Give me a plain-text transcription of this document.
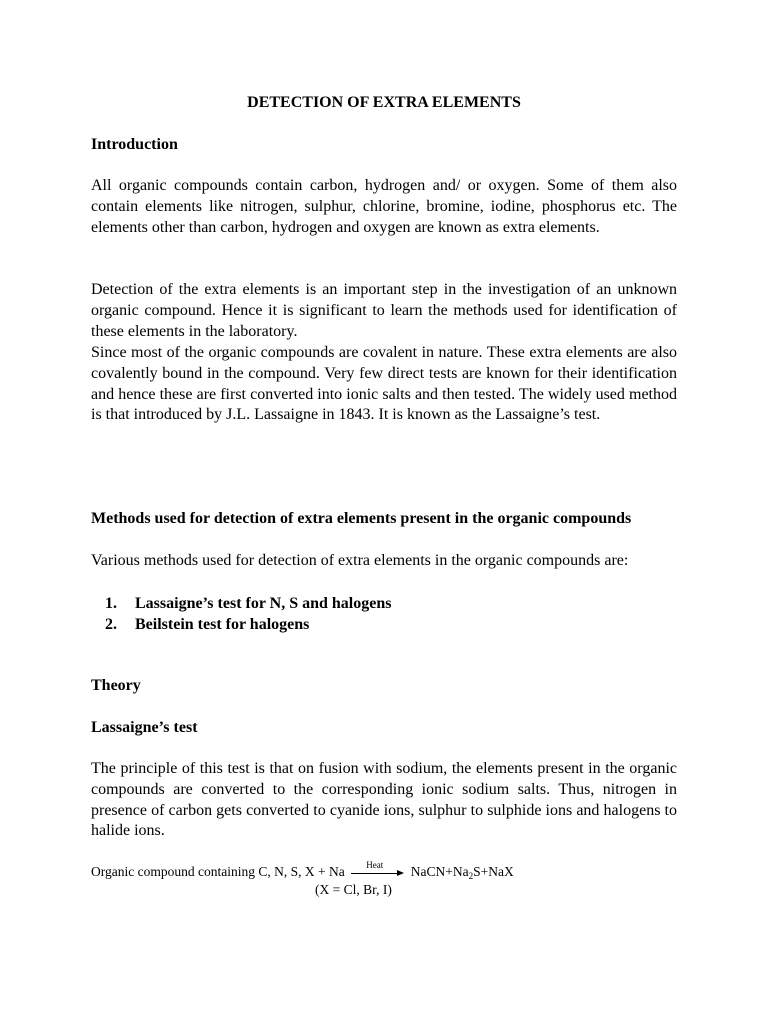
DETECTION OF EXTRA ELEMENTS
Introduction

All organic compounds contain carbon, hydrogen and/ or oxygen. Some of them also contain elements like nitrogen, sulphur, chlorine, bromine, iodine, phosphorus etc. The elements other than carbon, hydrogen and oxygen are known as extra elements.

Detection of the extra elements is an important step in the investigation of an unknown organic compound. Hence it is significant to learn the methods used for identification of these elements in the laboratory.

Since most of the organic compounds are covalent in nature. These extra elements are also covalently bound in the compound. Very few direct tests are known for their identification and hence these are first converted into ionic salts and then tested. The widely used method is that introduced by J.L. Lassaigne in 1843. It is known as the Lassaigne’s test.

Methods used for detection of extra elements present in the organic compounds

Various methods used for detection of extra elements in the organic compounds are:

1.	Lassaigne’s test for N, S and halogens
2.	Beilstein test for halogens
Theory
Lassaigne’s test

The principle of this test is that on fusion with sodium, the elements present in the organic compounds are converted to the corresponding ionic sodium salts. Thus, nitrogen in presence of carbon gets converted to cyanide ions, sulphur to sulphide ions and halogens to halide ions.

Organic compound containing C, N, S, X + Na	Heat	$NaCN+Na_2S+NaX$
(X = Cl, Br, I)
